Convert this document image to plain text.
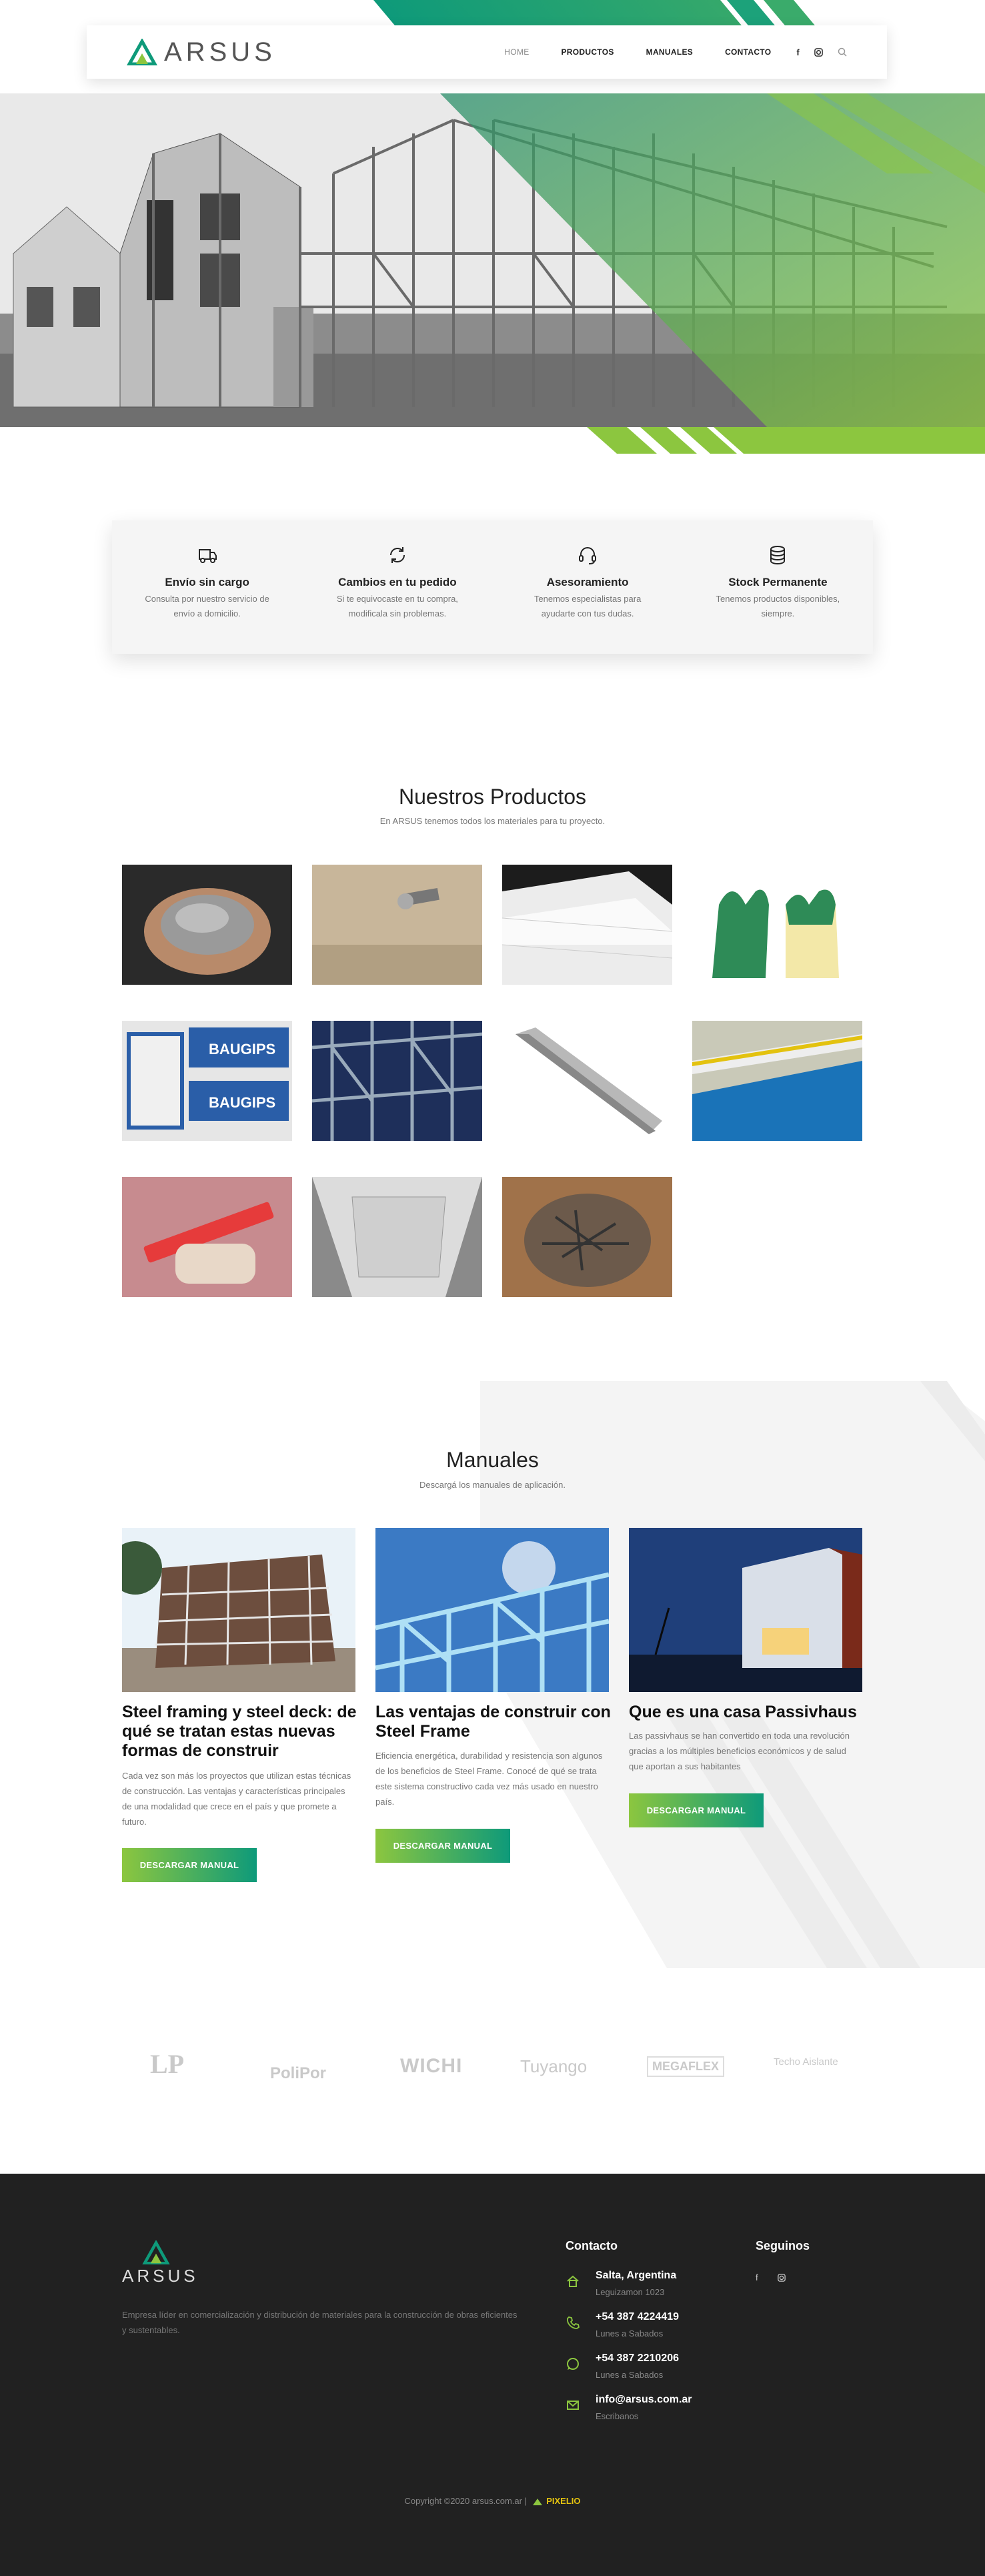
ARSUS	HOME	PRODUCTOS	MANUALES	CONTACTO	f
Envío sin cargo

Consulta por nuestro servicio de envío a domicilio.

Cambios en tu pedido

Si te equivocaste en tu compra, modificala sin problemas.

Asesoramiento

Tenemos especialistas para ayudarte con tus dudas.

Stock Permanente

Tenemos productos disponibles, siempre.

Nuestros Productos
En ARSUS tenemos todos los materiales para tu proyecto.
BAUGIPS
BAUGIPS
Manuales
Descargá los manuales de aplicación.
Steel framing y steel deck: de qué se tratan estas nuevas formas de construir
Cada vez son más los proyectos que utilizan estas técnicas de construcción. Las ventajas y características principales de una modalidad que crece en el país y que promete a futuro.
DESCARGAR MANUAL
Las ventajas de construir con Steel Frame
Eficiencia energética, durabilidad y resistencia son algunos de los beneficios de Steel Frame. Conocé de qué se trata este sistema constructivo cada vez más usado en nuestro país.
DESCARGAR MANUAL
Que es una casa Passivhaus
Las passivhaus se han convertido en toda una revolución gracias a los múltiples beneficios económicos y de salud que aportan a sus habitantes
DESCARGAR MANUAL
LP	PoliPor	WICHI	Tuyango	MEGAFLEX	Techo Aislante
ARSUS
Empresa líder en comercialización y distribución de materiales para la construcción de obras eficientes y sustentables.
Contacto	Seguinos
f
Salta, Argentina
Leguizamon 1023
+54 387 4224419
Lunes a Sabados
+54 387 2210206
Lunes a Sabados
info@arsus.com.ar
Escribanos
Copyright ©2020 arsus.com.ar | PIXELIO
